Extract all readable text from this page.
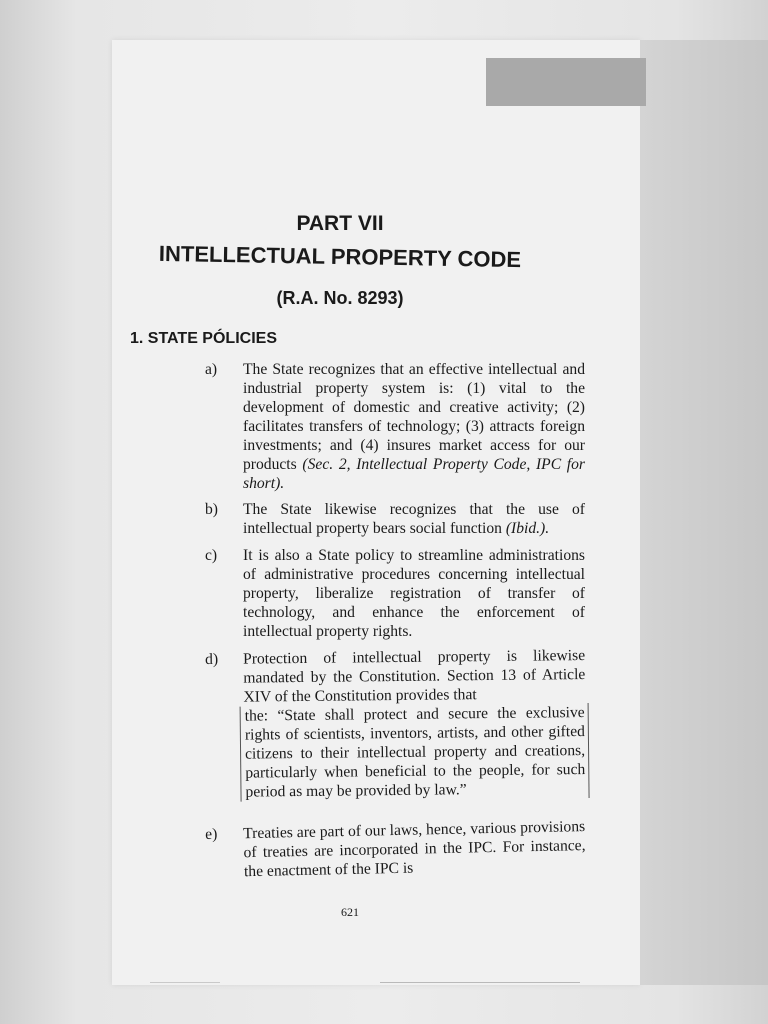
PART VII
INTELLECTUAL PROPERTY CODE
(R.A. No. 8293)
1. STATE PÓLICIES
a)	The State recognizes that an effective intellectual and industrial property system is: (1) vital to the development of domestic and creative activity; (2) facilitates transfers of technology; (3) attracts foreign investments; and (4) insures market access for our products (Sec. 2, Intellectual Property Code, IPC for short).
b)	The State likewise recognizes that the use of intellectual property bears social function (Ibid.).
c)	It is also a State policy to streamline administrations of administrative procedures concerning intellectual property, liberalize registration of transfer of technology, and enhance the enforcement of intellectual property rights.
d)	Protection of intellectual property is likewise mandated by the Constitution. Section 13 of Article XIV of the Constitution provides that
the: “State shall protect and secure the exclusive rights of scientists, inventors, artists, and other gifted citizens to their intellectual property and creations, particularly when beneficial to the people, for such period as may be provided by law.”
e)	Treaties are part of our laws, hence, various provisions of treaties are incorporated in the IPC. For instance, the enactment of the IPC is
621
